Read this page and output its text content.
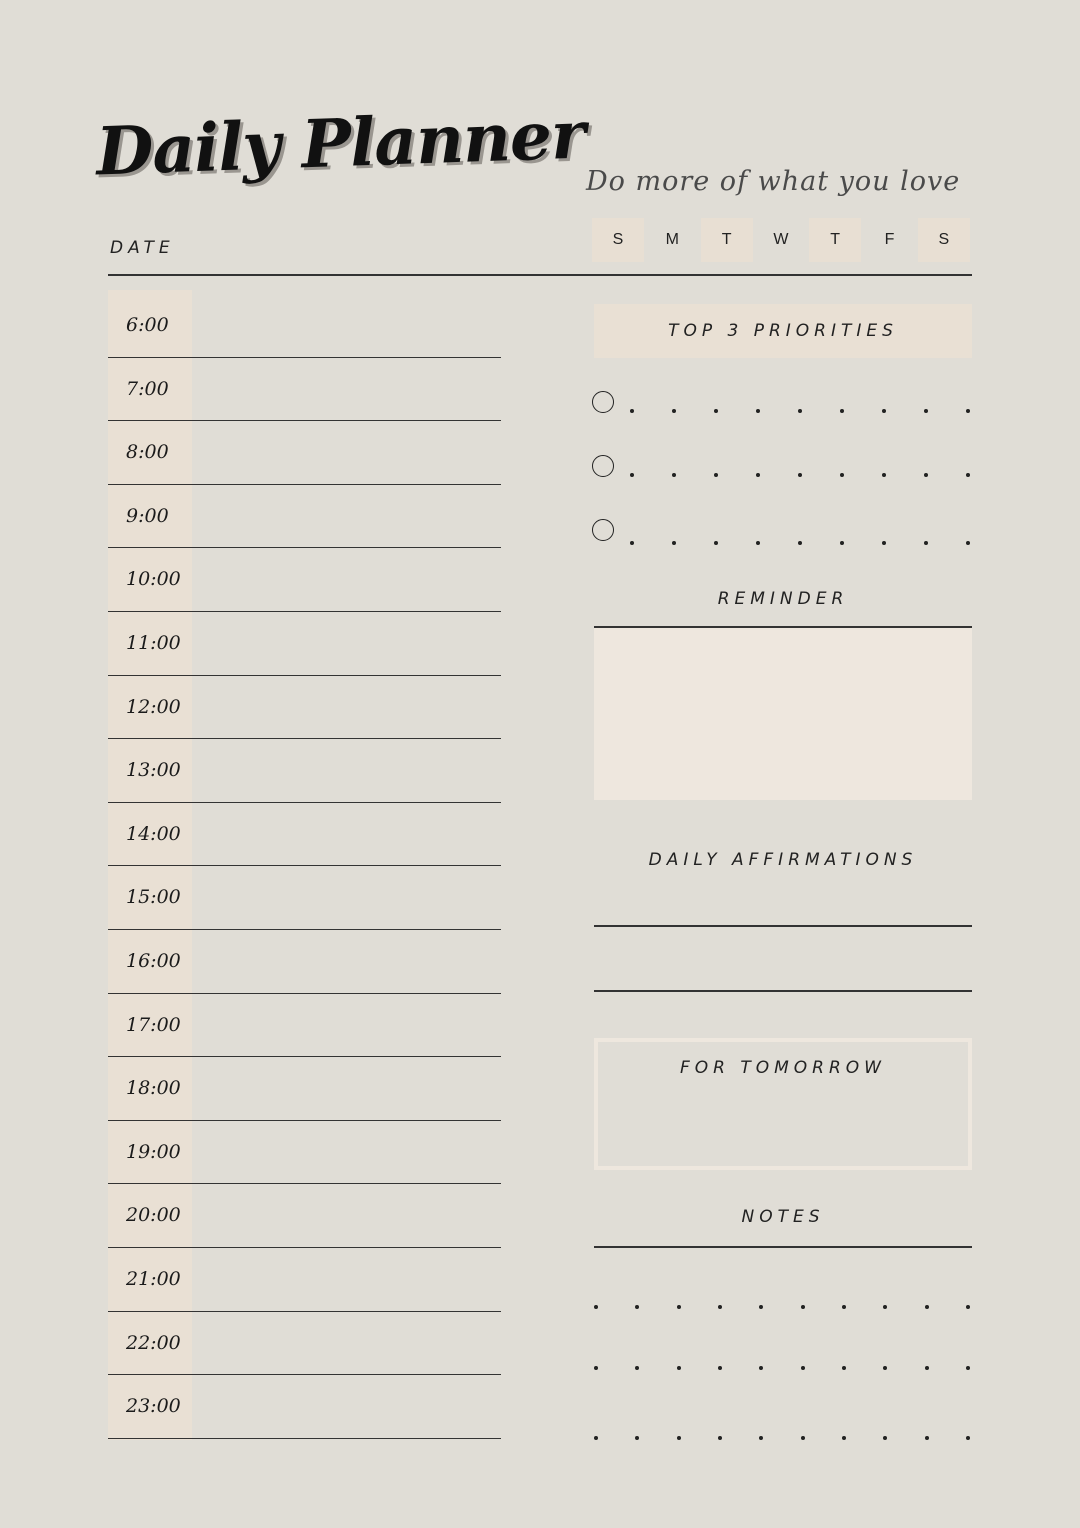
Daily Planner Do more of what you love
DATE	S	M	T	W	T	F	S
6:00
7:00
8:00
9:00
10:00
11:00
12:00
13:00
14:00
15:00
16:00
17:00
18:00
19:00
20:00
21:00
22:00
23:00
TOP 3 PRIORITIES
REMINDER
DAILY AFFIRMATIONS
FOR TOMORROW
NOTES
